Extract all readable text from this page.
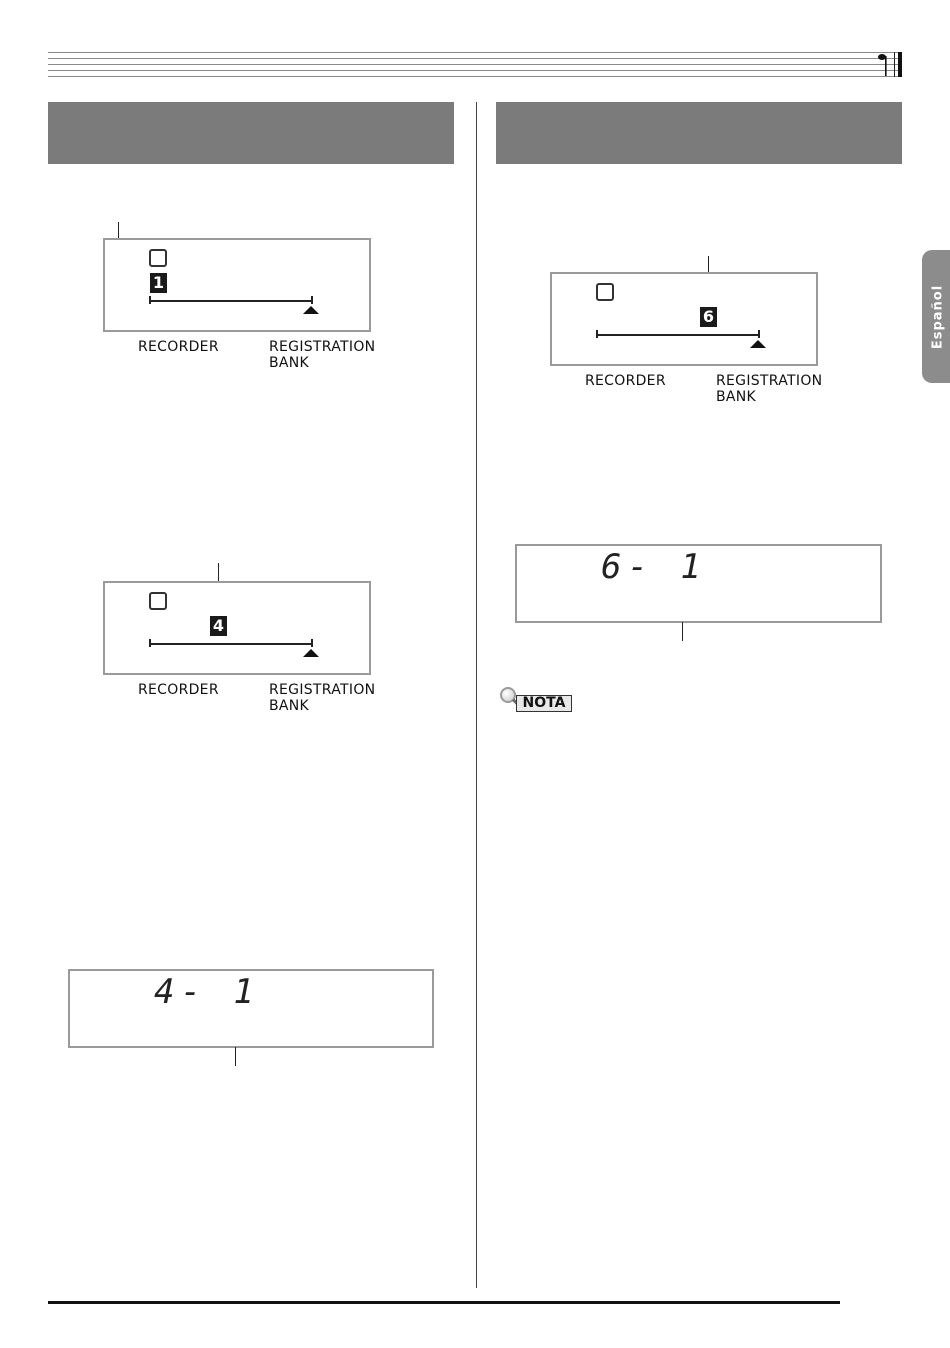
Español
1
RECORDER	REGISTRATION
BANK
4
RECORDER	REGISTRATION
BANK
4- 1
6
RECORDER	REGISTRATION
BANK
6- 1
NOTA
